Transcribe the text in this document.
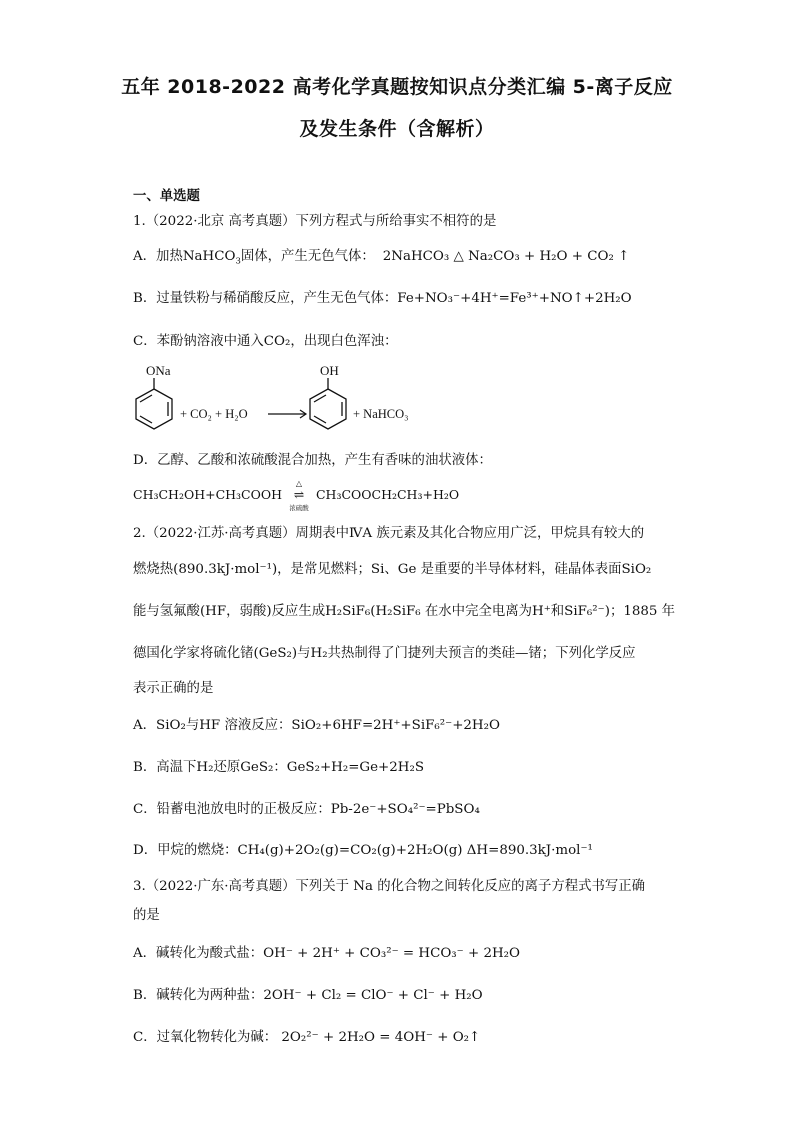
五年 2018-2022 高考化学真题按知识点分类汇编 5-离子反应
及发生条件（含解析）
一、单选题
1.（2022·北京 高考真题）下列方程式与所给事实不相符的是
A．加热NaHCO$_3$固体，产生无色气体： 2NaHCO₃ △ Na₂CO₃ + H₂O + CO₂ ↑
B．过量铁粉与稀硝酸反应，产生无色气体：Fe+NO₃⁻+4H⁺=Fe³⁺+NO↑+2H₂O
C．苯酚钠溶液中通入CO₂，出现白色浑浊：
ONa
+ CO₂ + H₂O
OH
+ NaHCO₃
D．乙醇、乙酸和浓硫酸混合加热，产生有香味的油状液体：
CH₃CH₂OH+CH₃COOH
△
⇌
浓硫酸
CH₃COOCH₂CH₃+H₂O
2.（2022·江苏·高考真题）周期表中ⅣA 族元素及其化合物应用广泛，甲烷具有较大的
燃烧热(890.3kJ·mol⁻¹)，是常见燃料；Si、Ge 是重要的半导体材料，硅晶体表面SiO₂
能与氢氟酸(HF，弱酸)反应生成H₂SiF₆(H₂SiF₆ 在水中完全电离为H⁺和SiF₆²⁻)；1885 年
德国化学家将硫化锗(GeS₂)与H₂共热制得了门捷列夫预言的类硅—锗；下列化学反应
表示正确的是
A．SiO₂与HF 溶液反应：SiO₂+6HF=2H⁺+SiF₆²⁻+2H₂O
B．高温下H₂还原GeS₂：GeS₂+H₂=Ge+2H₂S
C．铅蓄电池放电时的正极反应：Pb-2e⁻+SO₄²⁻=PbSO₄
D．甲烷的燃烧：CH₄(g)+2O₂(g)=CO₂(g)+2H₂O(g) ΔH=890.3kJ·mol⁻¹
3.（2022·广东·高考真题）下列关于 Na 的化合物之间转化反应的离子方程式书写正确
的是
A．碱转化为酸式盐：OH⁻ + 2H⁺ + CO₃²⁻ = HCO₃⁻ + 2H₂O
B．碱转化为两种盐：2OH⁻ + Cl₂ = ClO⁻ + Cl⁻ + H₂O
C．过氧化物转化为碱： 2O₂²⁻ + 2H₂O = 4OH⁻ + O₂↑
